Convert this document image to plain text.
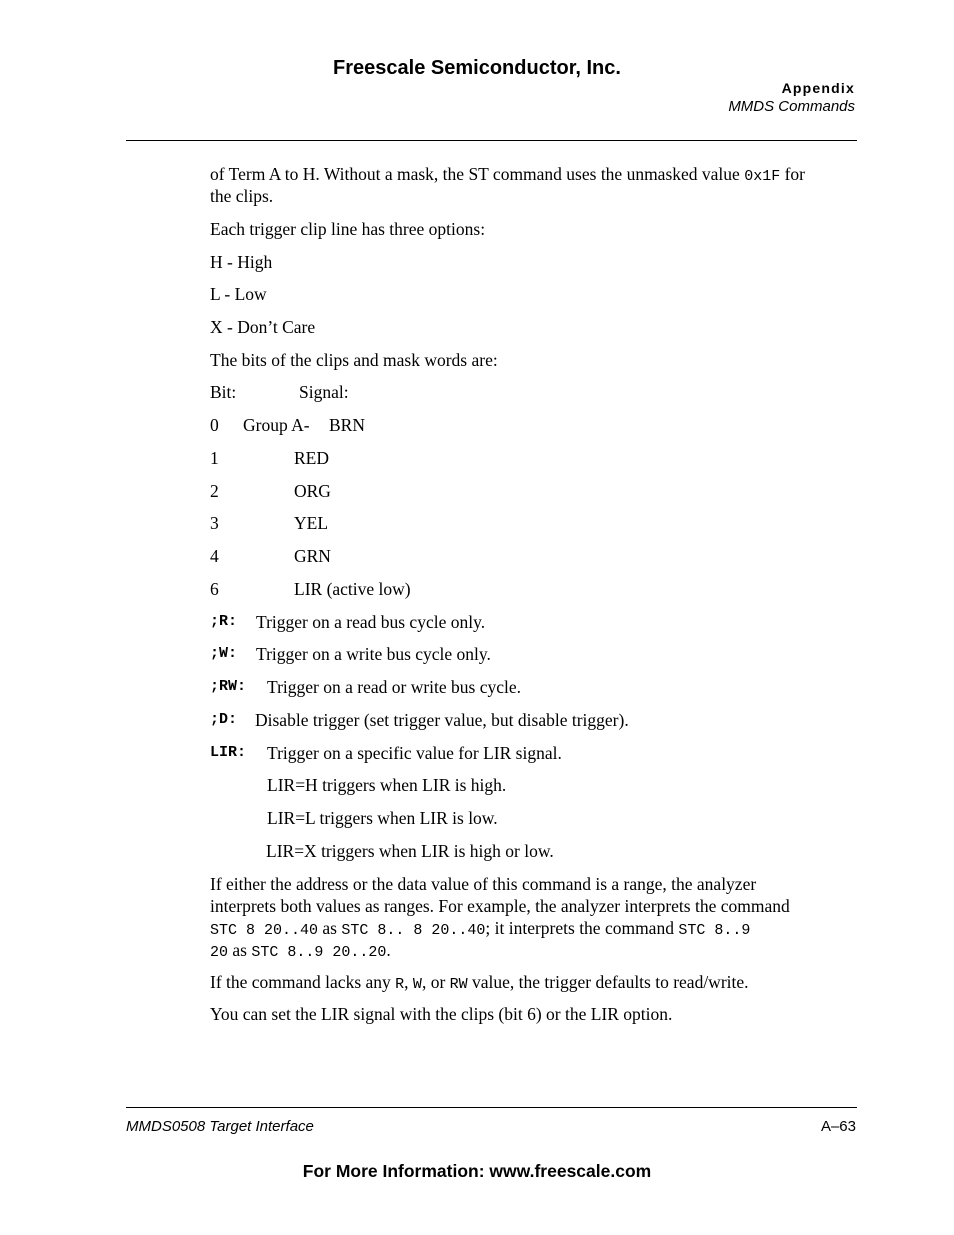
Freescale Semiconductor, Inc.
Appendix
MMDS Commands
of Term A to H. Without a mask, the ST command uses the unmasked value 0x1F for
the clips.
Each trigger clip line has three options:
H - High
L - Low
X - Don’t Care
The bits of the clips and mask words are:
Bit:	Signal:
0 Group A- BRN
1	RED
2	ORG
3	YEL
4	GRN
6	LIR (active low)
;R: Trigger on a read bus cycle only.
;W: Trigger on a write bus cycle only.
;RW: Trigger on a read or write bus cycle.
;D: Disable trigger (set trigger value, but disable trigger).
LIR: Trigger on a specific value for LIR signal.
LIR=H triggers when LIR is high.
LIR=L triggers when LIR is low.
LIR=X triggers when LIR is high or low.
If either the address or the data value of this command is a range, the analyzer
interprets both values as ranges. For example, the analyzer interprets the command
STC 8 20..40 as STC 8.. 8 20..40; it interprets the command STC 8..9
20 as STC 8..9 20..20.
If the command lacks any R, W, or RW value, the trigger defaults to read/write.
You can set the LIR signal with the clips (bit 6) or the LIR option.
MMDS0508 Target Interface	A–63
For More Information: www.freescale.com
